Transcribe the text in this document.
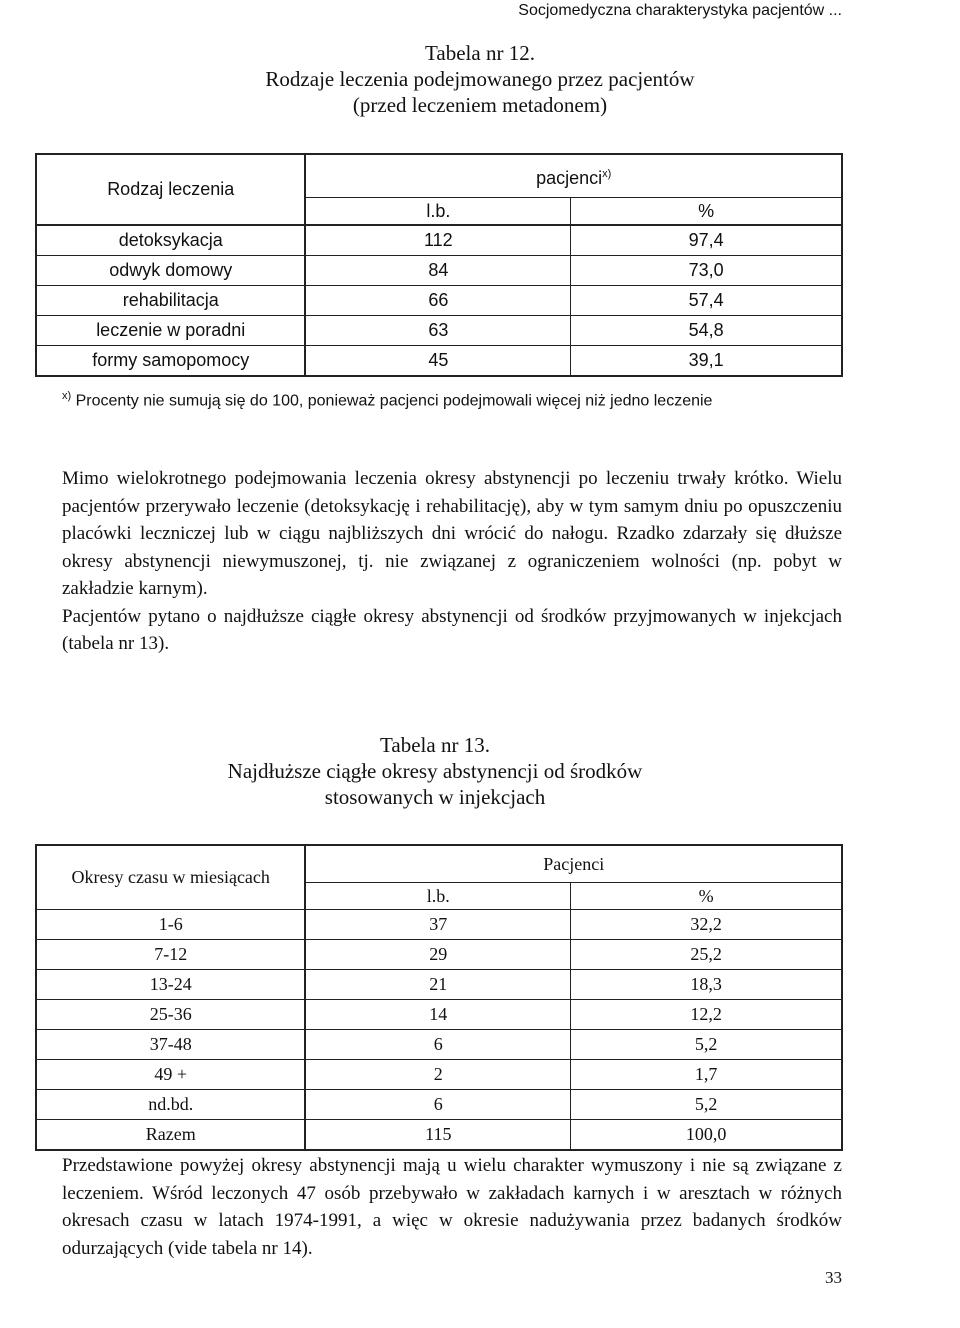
Socjomedyczna charakterystyka pacjentów ...
Tabela nr 12.
Rodzaje leczenia podejmowanego przez pacjentów
(przed leczeniem metadonem)
Rodzaj leczenia	pacjenci$^{x)}$
	l.b.	%
detoksykacja	112	97,4
odwyk domowy	84	73,0
rehabilitacja	66	57,4
leczenie w poradni	63	54,8
formy samopomocy	45	39,1
$^{x)}$ Procenty nie sumują się do 100, ponieważ pacjenci podejmowali więcej niż jedno leczenie

Mimo wielokrotnego podejmowania leczenia okresy abstynencji po leczeniu trwały krótko. Wielu pacjentów przerywało leczenie (detoksykację i rehabilitację), aby w tym samym dniu po opuszczeniu placówki leczniczej lub w ciągu najbliższych dni wrócić do nałogu. Rzadko zdarzały się dłuższe okresy abstynencji niewymuszonej, tj. nie związanej z ograniczeniem wolności (np. pobyt w zakładzie karnym).

Pacjentów pytano o najdłuższe ciągłe okresy abstynencji od środków przyjmowanych w injekcjach (tabela nr 13).

Tabela nr 13.
Najdłuższe ciągłe okresy abstynencji od środków
stosowanych w injekcjach
Okresy czasu w miesiącach	Pacjenci	
	l.b.	%
1-6	37	32,2
7-12	29	25,2
13-24	21	18,3
25-36	14	12,2
37-48	6	5,2
49 +	2	1,7
nd.bd.	6	5,2
Razem	115	100,0

Przedstawione powyżej okresy abstynencji mają u wielu charakter wymuszony i nie są związane z leczeniem. Wśród leczonych 47 osób przebywało w zakładach karnych i w aresztach w różnych okresach czasu w latach 1974-1991, a więc w okresie nadużywania przez badanych środków odurzających (vide tabela nr 14).

33
